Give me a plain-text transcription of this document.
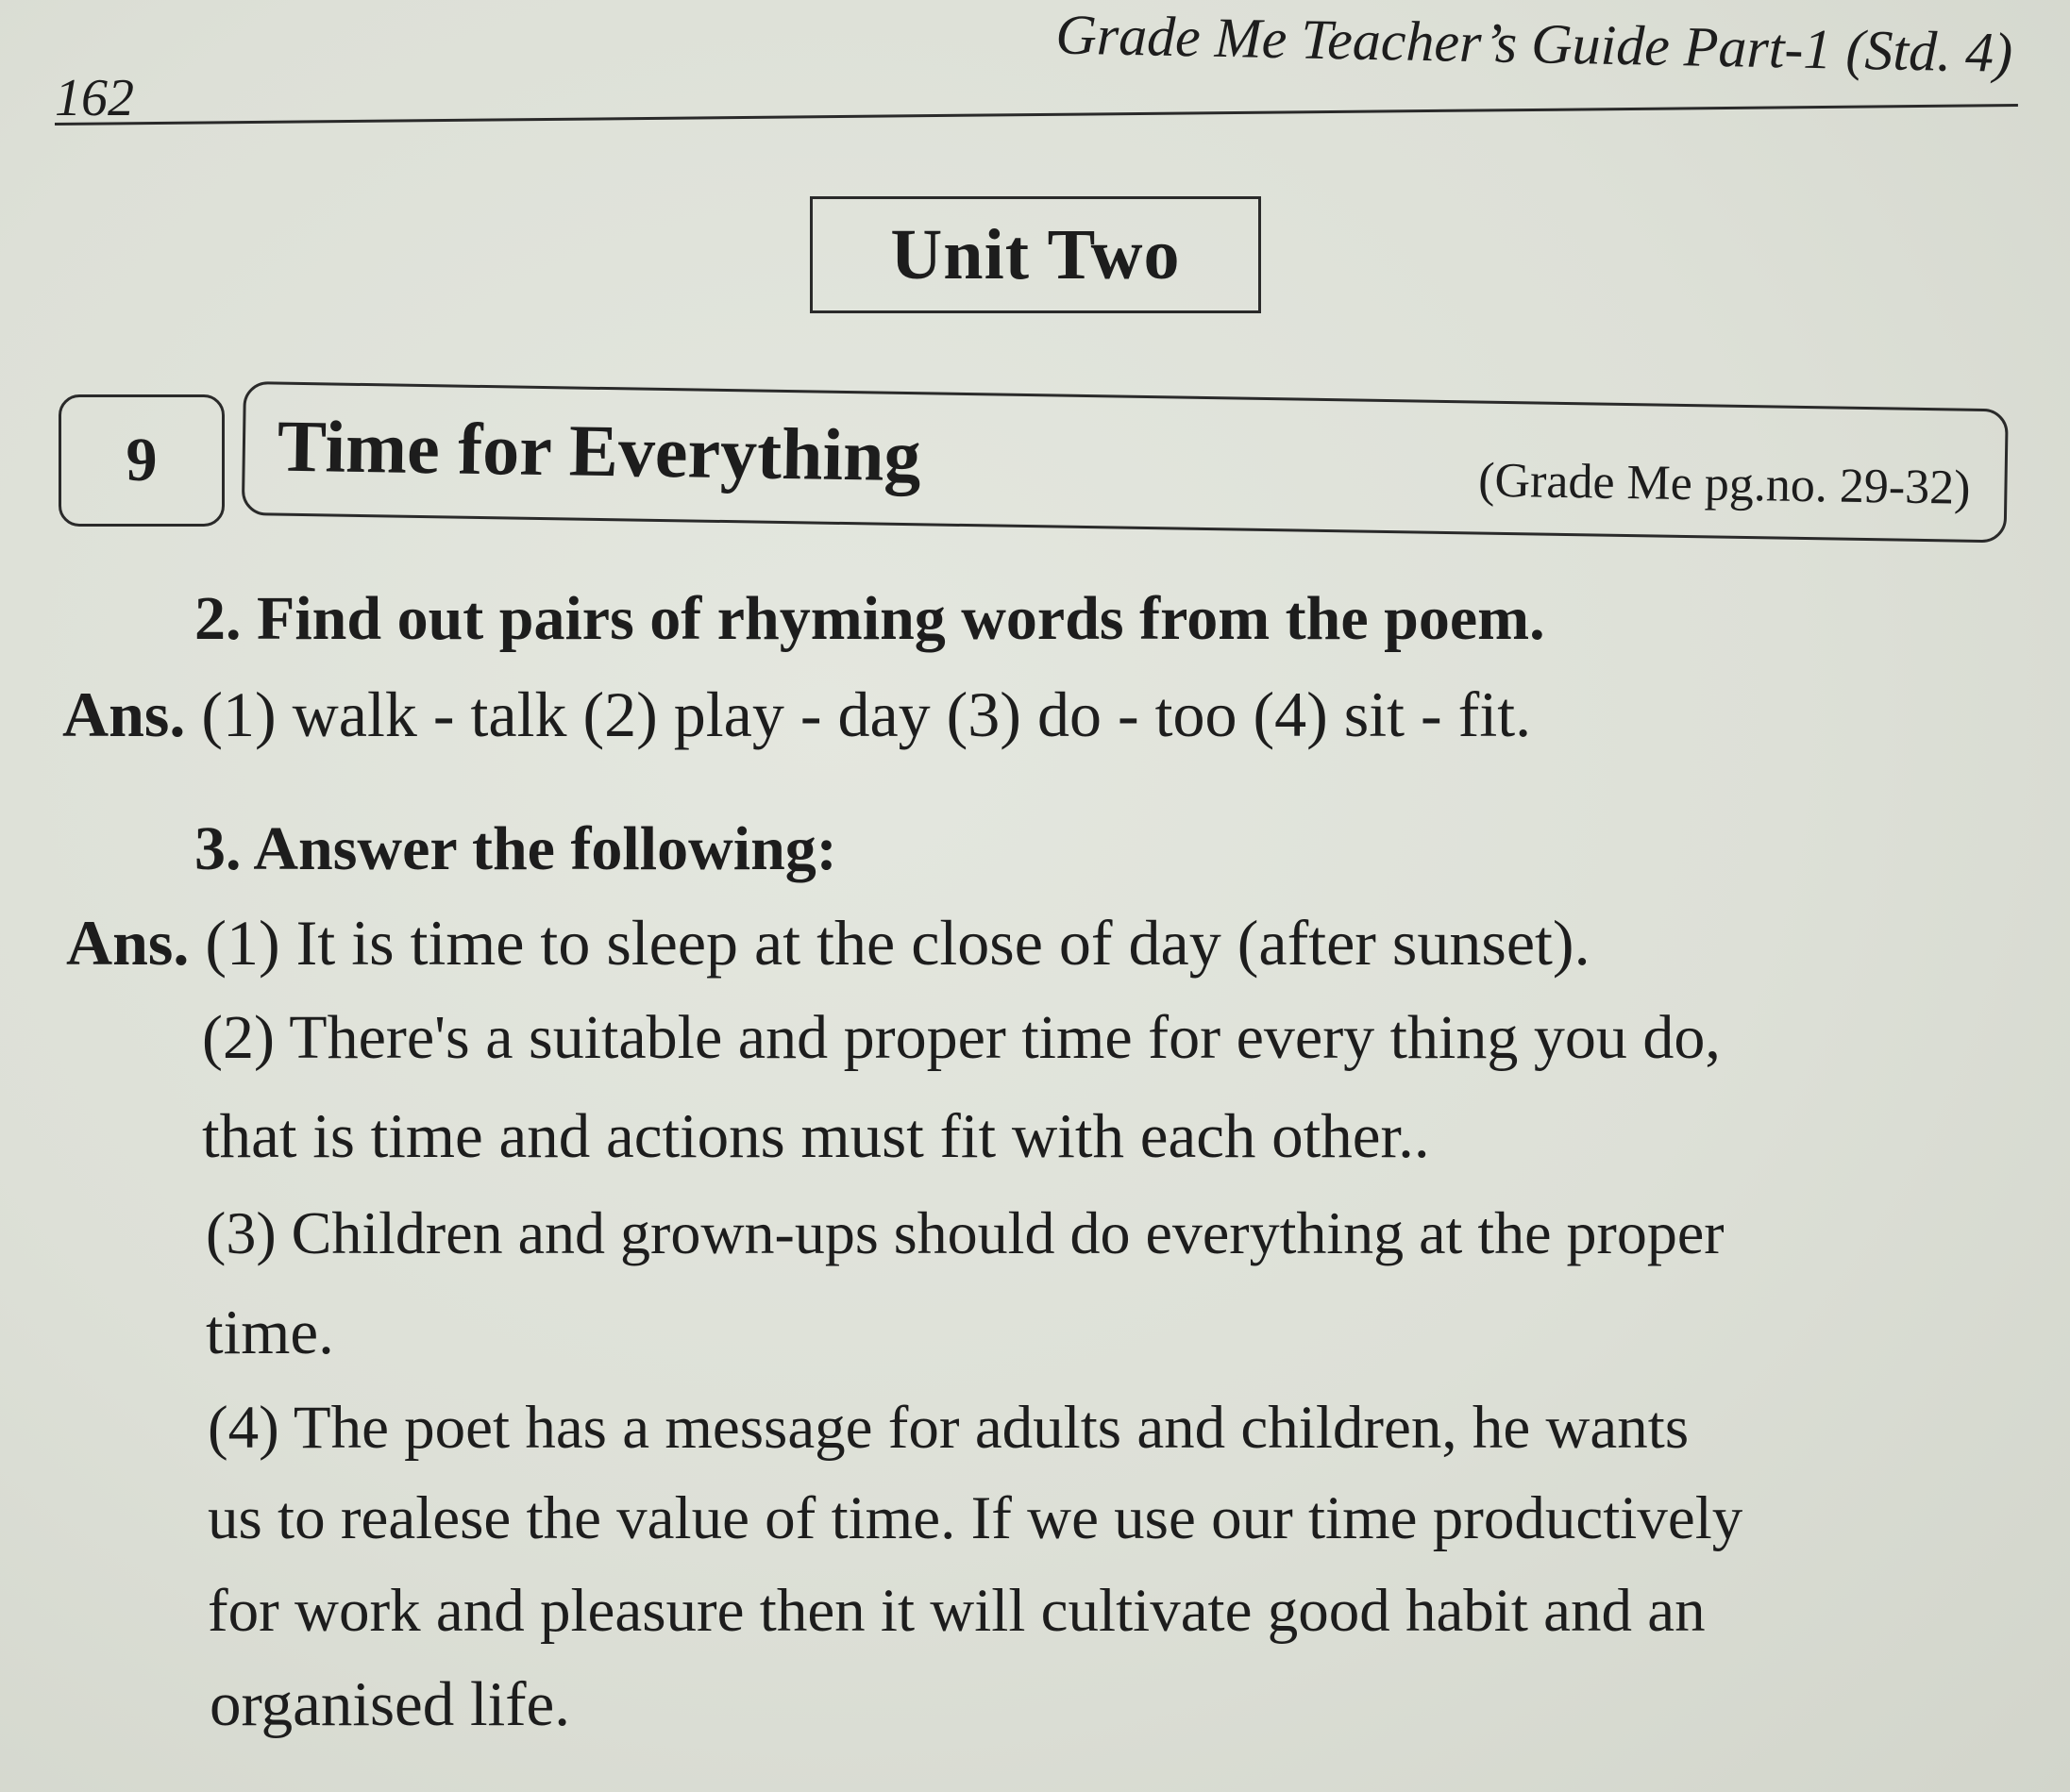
162
Grade Me Teacher’s Guide Part-1 (Std. 4)
Unit Two
9 Time for Everything	(Grade Me pg.no. 29-32)
2. Find out pairs of rhyming words from the poem.
Ans. (1) walk - talk (2) play - day (3) do - too (4) sit - fit.
3. Answer the following:
Ans. (1) It is time to sleep at the close of day (after sunset).
(2) There's a suitable and proper time for every thing you do,
that is time and actions must fit with each other..
(3) Children and grown-ups should do everything at the proper
time.
(4) The poet has a message for adults and children, he wants
us to realese the value of time. If we use our time productively
for work and pleasure then it will cultivate good habit and an
organised life.
